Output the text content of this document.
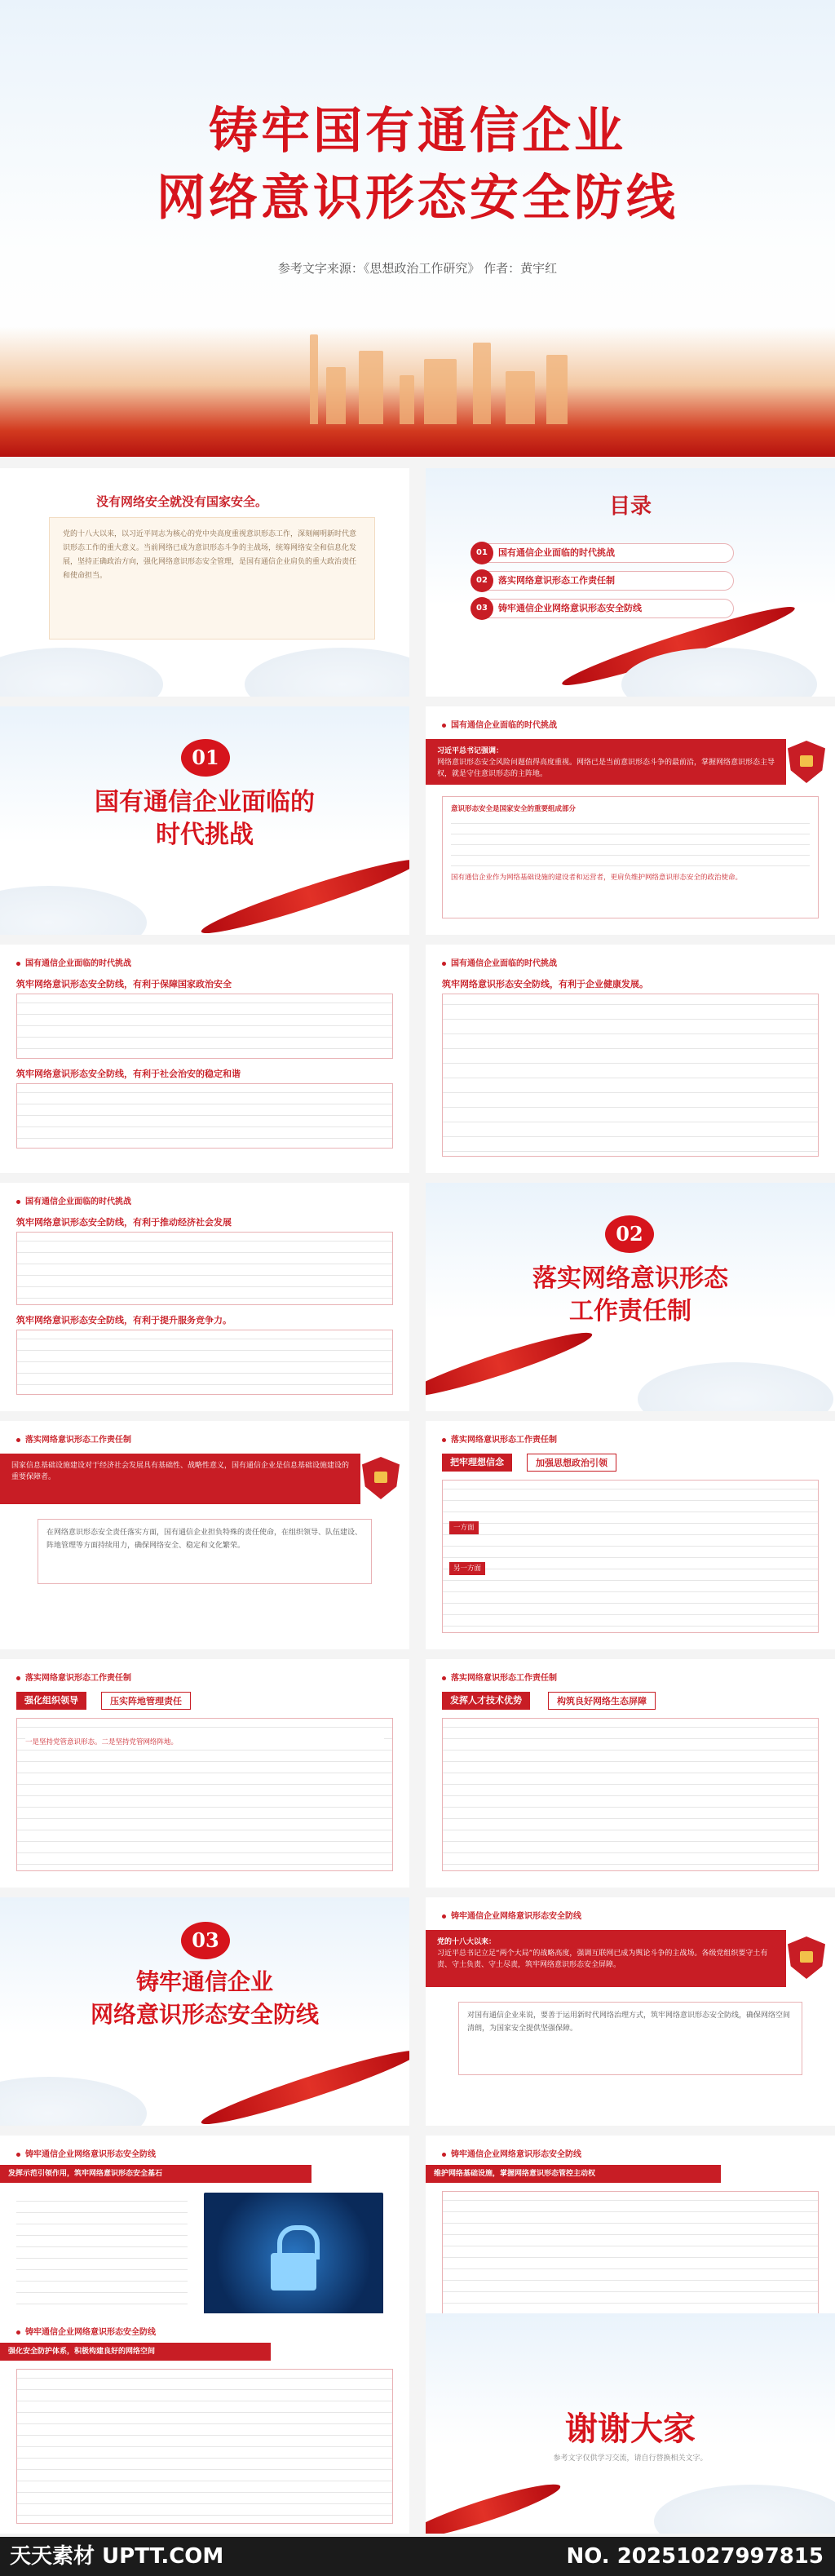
铸牢国有通信企业
网络意识形态安全防线
参考文字来源：《思想政治工作研究》 作者：黄宇红
没有网络安全就没有国家安全。
党的十八大以来，以习近平同志为核心的党中央高度重视意识形态工作，深刻阐明新时代意识形态工作的重大意义。当前网络已成为意识形态斗争的主战场，统筹网络安全和信息化发展，坚持正确政治方向，强化网络意识形态安全管理，是国有通信企业肩负的重大政治责任和使命担当。
目录
01	国有通信企业面临的时代挑战
02	落实网络意识形态工作责任制
03	铸牢通信企业网络意识形态安全防线
01
国有通信企业面临的
时代挑战
国有通信企业面临的时代挑战
习近平总书记强调：
网络意识形态安全风险问题值得高度重视。网络已是当前意识形态斗争的最前沿，掌握网络意识形态主导权，就是守住意识形态的主阵地。
意识形态安全是国家安全的重要组成部分
国有通信企业作为网络基础设施的建设者和运营者，更肩负维护网络意识形态安全的政治使命。
国有通信企业面临的时代挑战
筑牢网络意识形态安全防线，有利于保障国家政治安全
筑牢网络意识形态安全防线，有利于社会治安的稳定和谐
国有通信企业面临的时代挑战
筑牢网络意识形态安全防线，有利于企业健康发展。
国有通信企业面临的时代挑战
筑牢网络意识形态安全防线，有利于推动经济社会发展
筑牢网络意识形态安全防线，有利于提升服务竞争力。
02
落实网络意识形态
工作责任制
落实网络意识形态工作责任制
国家信息基础设施建设对于经济社会发展具有基础性、战略性意义，国有通信企业是信息基础设施建设的重要保障者。
在网络意识形态安全责任落实方面，国有通信企业担负特殊的责任使命，在组织领导、队伍建设、阵地管理等方面持续用力，确保网络安全、稳定和文化繁荣。
落实网络意识形态工作责任制
把牢理想信念	加强思想政治引领
一方面
另一方面
落实网络意识形态工作责任制
强化组织领导	压实阵地管理责任
一是坚持党管意识形态。二是坚持党管网络阵地。
落实网络意识形态工作责任制
发挥人才技术优势	构筑良好网络生态屏障
03
铸牢通信企业
网络意识形态安全防线
铸牢通信企业网络意识形态安全防线
党的十八大以来：
习近平总书记立足“两个大局”的战略高度，强调互联网已成为舆论斗争的主战场。各级党组织要守土有责、守土负责、守土尽责，筑牢网络意识形态安全屏障。
对国有通信企业来说，要善于运用新时代网络治理方式，筑牢网络意识形态安全防线，确保网络空间清朗，为国家安全提供坚强保障。
铸牢通信企业网络意识形态安全防线
发挥示范引领作用，筑牢网络意识形态安全基石
铸牢通信企业网络意识形态安全防线
维护网络基础设施，掌握网络意识形态管控主动权
铸牢通信企业网络意识形态安全防线
强化安全防护体系，积极构建良好的网络空间
谢谢大家
参考文字仅供学习交流，请自行替换相关文字。
天天素材 UPTT.COM	NO. 20251027997815
